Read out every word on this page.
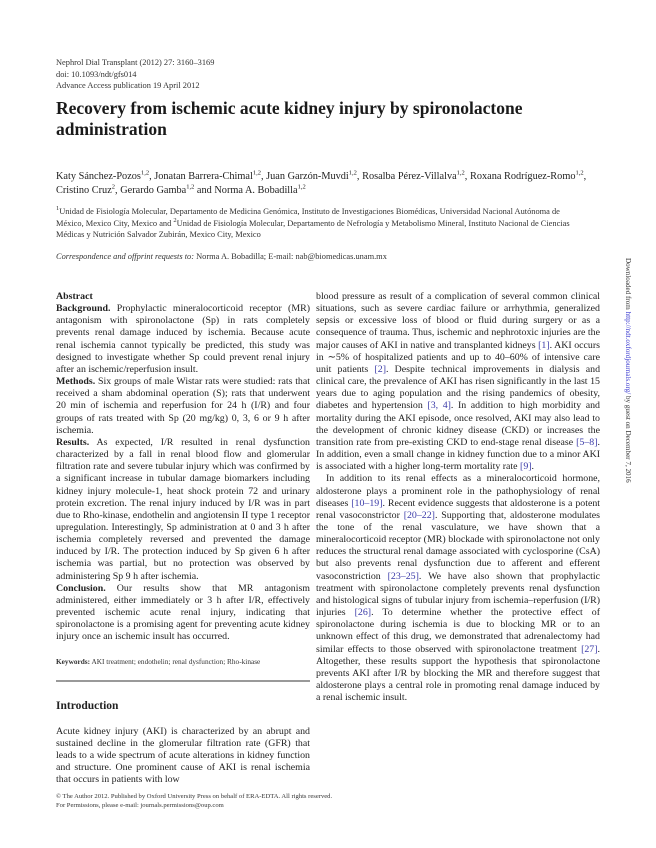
Nephrol Dial Transplant (2012) 27: 3160–3169
doi: 10.1093/ndt/gfs014
Advance Access publication 19 April 2012
Recovery from ischemic acute kidney injury by spironolactone administration
Katy Sánchez-Pozos$^{1,2}$, Jonatan Barrera-Chimal$^{1,2}$, Juan Garzón-Muvdi$^{1,2}$, Rosalba Pérez-Villalva$^{1,2}$, Roxana Rodríguez-Romo$^{1,2}$, Cristino Cruz$^2$, Gerardo Gamba$^{1,2}$ and Norma A. Bobadilla$^{1,2}$
$^1$Unidad de Fisiología Molecular, Departamento de Medicina Genómica, Instituto de Investigaciones Biomédicas, Universidad Nacional Autónoma de México, Mexico City, Mexico and $^2$Unidad de Fisiología Molecular, Departamento de Nefrología y Metabolismo Mineral, Instituto Nacional de Ciencias Médicas y Nutrición Salvador Zubirán, Mexico City, Mexico
Correspondence and offprint requests to: Norma A. Bobadilla; E-mail: nab@biomedicas.unam.mx

Abstract

Background. Prophylactic mineralocorticoid receptor (MR) antagonism with spironolactone (Sp) in rats completely prevents renal damage induced by ischemia. Because acute renal ischemia cannot typically be predicted, this study was designed to investigate whether Sp could prevent renal injury after an ischemic/reperfusion insult.

Methods. Six groups of male Wistar rats were studied: rats that received a sham abdominal operation (S); rats that underwent 20 min of ischemia and reperfusion for 24 h (I/R) and four groups of rats treated with Sp (20 mg/kg) 0, 3, 6 or 9 h after ischemia.

Results. As expected, I/R resulted in renal dysfunction characterized by a fall in renal blood flow and glomerular filtration rate and severe tubular injury which was confirmed by a significant increase in tubular damage biomarkers including kidney injury molecule-1, heat shock protein 72 and urinary protein excretion. The renal injury induced by I/R was in part due to Rho-kinase, endothelin and angiotensin II type 1 receptor upregulation. Interestingly, Sp administration at 0 and 3 h after ischemia completely reversed and prevented the damage induced by I/R. The protection induced by Sp given 6 h after ischemia was partial, but no protection was observed by administering Sp 9 h after ischemia.

Conclusion. Our results show that MR antagonism administered, either immediately or 3 h after I/R, effectively prevented ischemic acute renal injury, indicating that spironolactone is a promising agent for preventing acute kidney injury once an ischemic insult has occurred.

Keywords: AKI treatment; endothelin; renal dysfunction; Rho-kinase

Introduction

Acute kidney injury (AKI) is characterized by an abrupt and sustained decline in the glomerular filtration rate (GFR) that leads to a wide spectrum of acute alterations in kidney function and structure. One prominent cause of AKI is renal ischemia that occurs in patients with low

blood pressure as result of a complication of several common clinical situations, such as severe cardiac failure or arrhythmia, generalized sepsis or excessive loss of blood or fluid during surgery or as a consequence of trauma. Thus, ischemic and nephrotoxic injuries are the major causes of AKI in native and transplanted kidneys [1]. AKI occurs in ∼5% of hospitalized patients and up to 40–60% of intensive care unit patients [2]. Despite technical improvements in dialysis and clinical care, the prevalence of AKI has risen significantly in the last 15 years due to aging population and the rising pandemics of obesity, diabetes and hypertension [3, 4]. In addition to high morbidity and mortality during the AKI episode, once resolved, AKI may also lead to the development of chronic kidney disease (CKD) or increases the transition rate from pre-existing CKD to end-stage renal disease [5–8]. In addition, even a small change in kidney function due to a minor AKI is associated with a higher long-term mortality rate [9].

In addition to its renal effects as a mineralocorticoid hormone, aldosterone plays a prominent role in the pathophysiology of renal diseases [10–19]. Recent evidence suggests that aldosterone is a potent renal vasoconstrictor [20–22]. Supporting that, aldosterone modulates the tone of the renal vasculature, we have shown that a mineralocorticoid receptor (MR) blockade with spironolactone not only reduces the structural renal damage associated with cyclosporine (CsA) but also prevents renal dysfunction due to afferent and efferent vasoconstriction [23–25]. We have also shown that prophylactic treatment with spironolactone completely prevents renal dysfunction and histological signs of tubular injury from ischemia–reperfusion (I/R) injuries [26]. To determine whether the protective effect of spironolactone during ischemia is due to blocking MR or to an unknown effect of this drug, we demonstrated that adrenalectomy had similar effects to those observed with spironolactone treatment [27]. Altogether, these results support the hypothesis that spironolactone prevents AKI after I/R by blocking the MR and therefore suggest that aldosterone plays a central role in promoting renal damage induced by a renal ischemic insult.

© The Author 2012. Published by Oxford University Press on behalf of ERA-EDTA. All rights reserved.
For Permissions, please e-mail: journals.permissions@oup.com
Downloaded from http://ndt.oxfordjournals.org/ by guest on December 7, 2016
